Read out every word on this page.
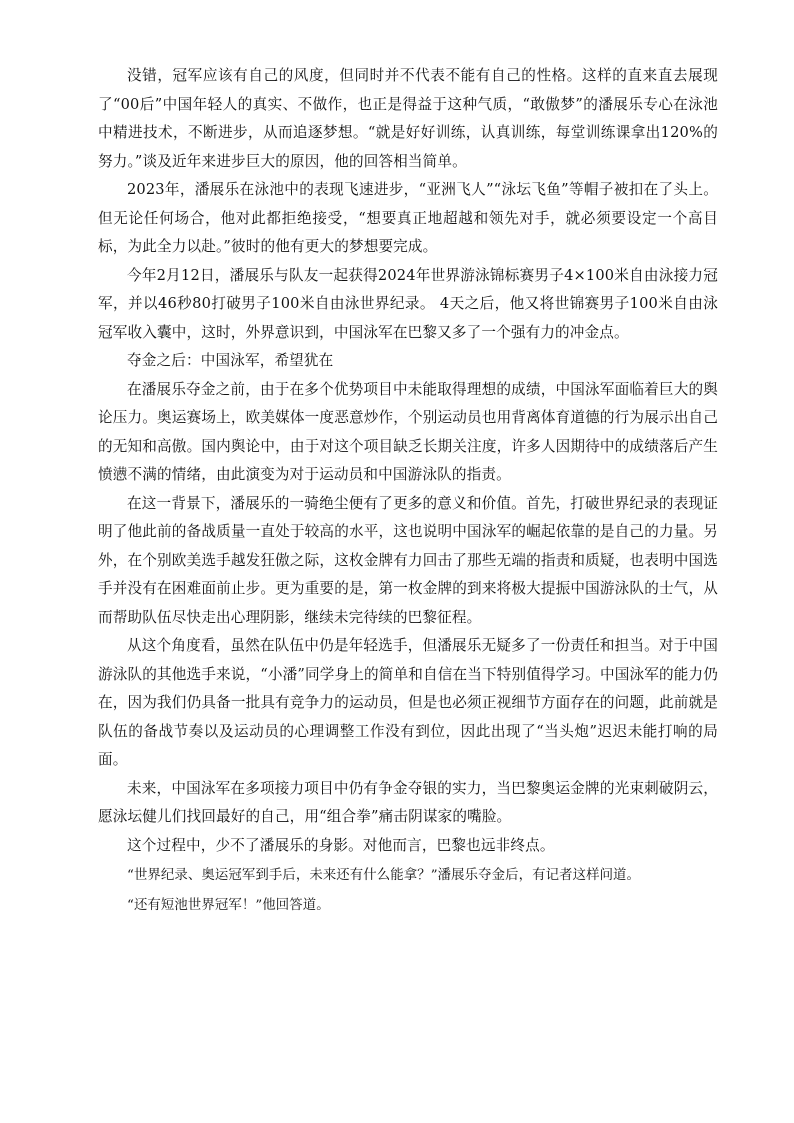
没错，冠军应该有自己的风度，但同时并不代表不能有自己的性格。这样的直来直去展现了“00后”中国年轻人的真实、不做作，也正是得益于这种气质，“敢傲梦”的潘展乐专心在泳池中精进技术，不断进步，从而追逐梦想。“就是好好训练，认真训练，每堂训练课拿出120%的努力。”谈及近年来进步巨大的原因，他的回答相当简单。

2023年，潘展乐在泳池中的表现飞速进步，“亚洲飞人”“泳坛飞鱼”等帽子被扣在了头上。但无论任何场合，他对此都拒绝接受，“想要真正地超越和领先对手，就必须要设定一个高目标，为此全力以赴。”彼时的他有更大的梦想要完成。

今年2月12日，潘展乐与队友一起获得2024年世界游泳锦标赛男子4×100米自由泳接力冠军，并以46秒80打破男子100米自由泳世界纪录。 4天之后，他又将世锦赛男子100米自由泳冠军收入囊中，这时，外界意识到，中国泳军在巴黎又多了一个强有力的冲金点。

夺金之后：中国泳军，希望犹在

在潘展乐夺金之前，由于在多个优势项目中未能取得理想的成绩，中国泳军面临着巨大的舆论压力。奥运赛场上，欧美媒体一度恶意炒作，个别运动员也用背离体育道德的行为展示出自己的无知和高傲。国内舆论中，由于对这个项目缺乏长期关注度，许多人因期待中的成绩落后产生愤懑不满的情绪，由此演变为对于运动员和中国游泳队的指责。

在这一背景下，潘展乐的一骑绝尘便有了更多的意义和价值。首先，打破世界纪录的表现证明了他此前的备战质量一直处于较高的水平，这也说明中国泳军的崛起依靠的是自己的力量。另外，在个别欧美选手越发狂傲之际，这枚金牌有力回击了那些无端的指责和质疑，也表明中国选手并没有在困难面前止步。更为重要的是，第一枚金牌的到来将极大提振中国游泳队的士气，从而帮助队伍尽快走出心理阴影，继续未完待续的巴黎征程。

从这个角度看，虽然在队伍中仍是年轻选手，但潘展乐无疑多了一份责任和担当。对于中国游泳队的其他选手来说，“小潘”同学身上的简单和自信在当下特别值得学习。中国泳军的能力仍在，因为我们仍具备一批具有竞争力的运动员，但是也必须正视细节方面存在的问题，此前就是队伍的备战节奏以及运动员的心理调整工作没有到位，因此出现了“当头炮”迟迟未能打响的局面。

未来，中国泳军在多项接力项目中仍有争金夺银的实力，当巴黎奥运金牌的光束刺破阴云，愿泳坛健儿们找回最好的自己，用“组合拳”痛击阴谋家的嘴脸。

这个过程中，少不了潘展乐的身影。对他而言，巴黎也远非终点。

“世界纪录、奥运冠军到手后，未来还有什么能拿？”潘展乐夺金后，有记者这样问道。

“还有短池世界冠军！”他回答道。
